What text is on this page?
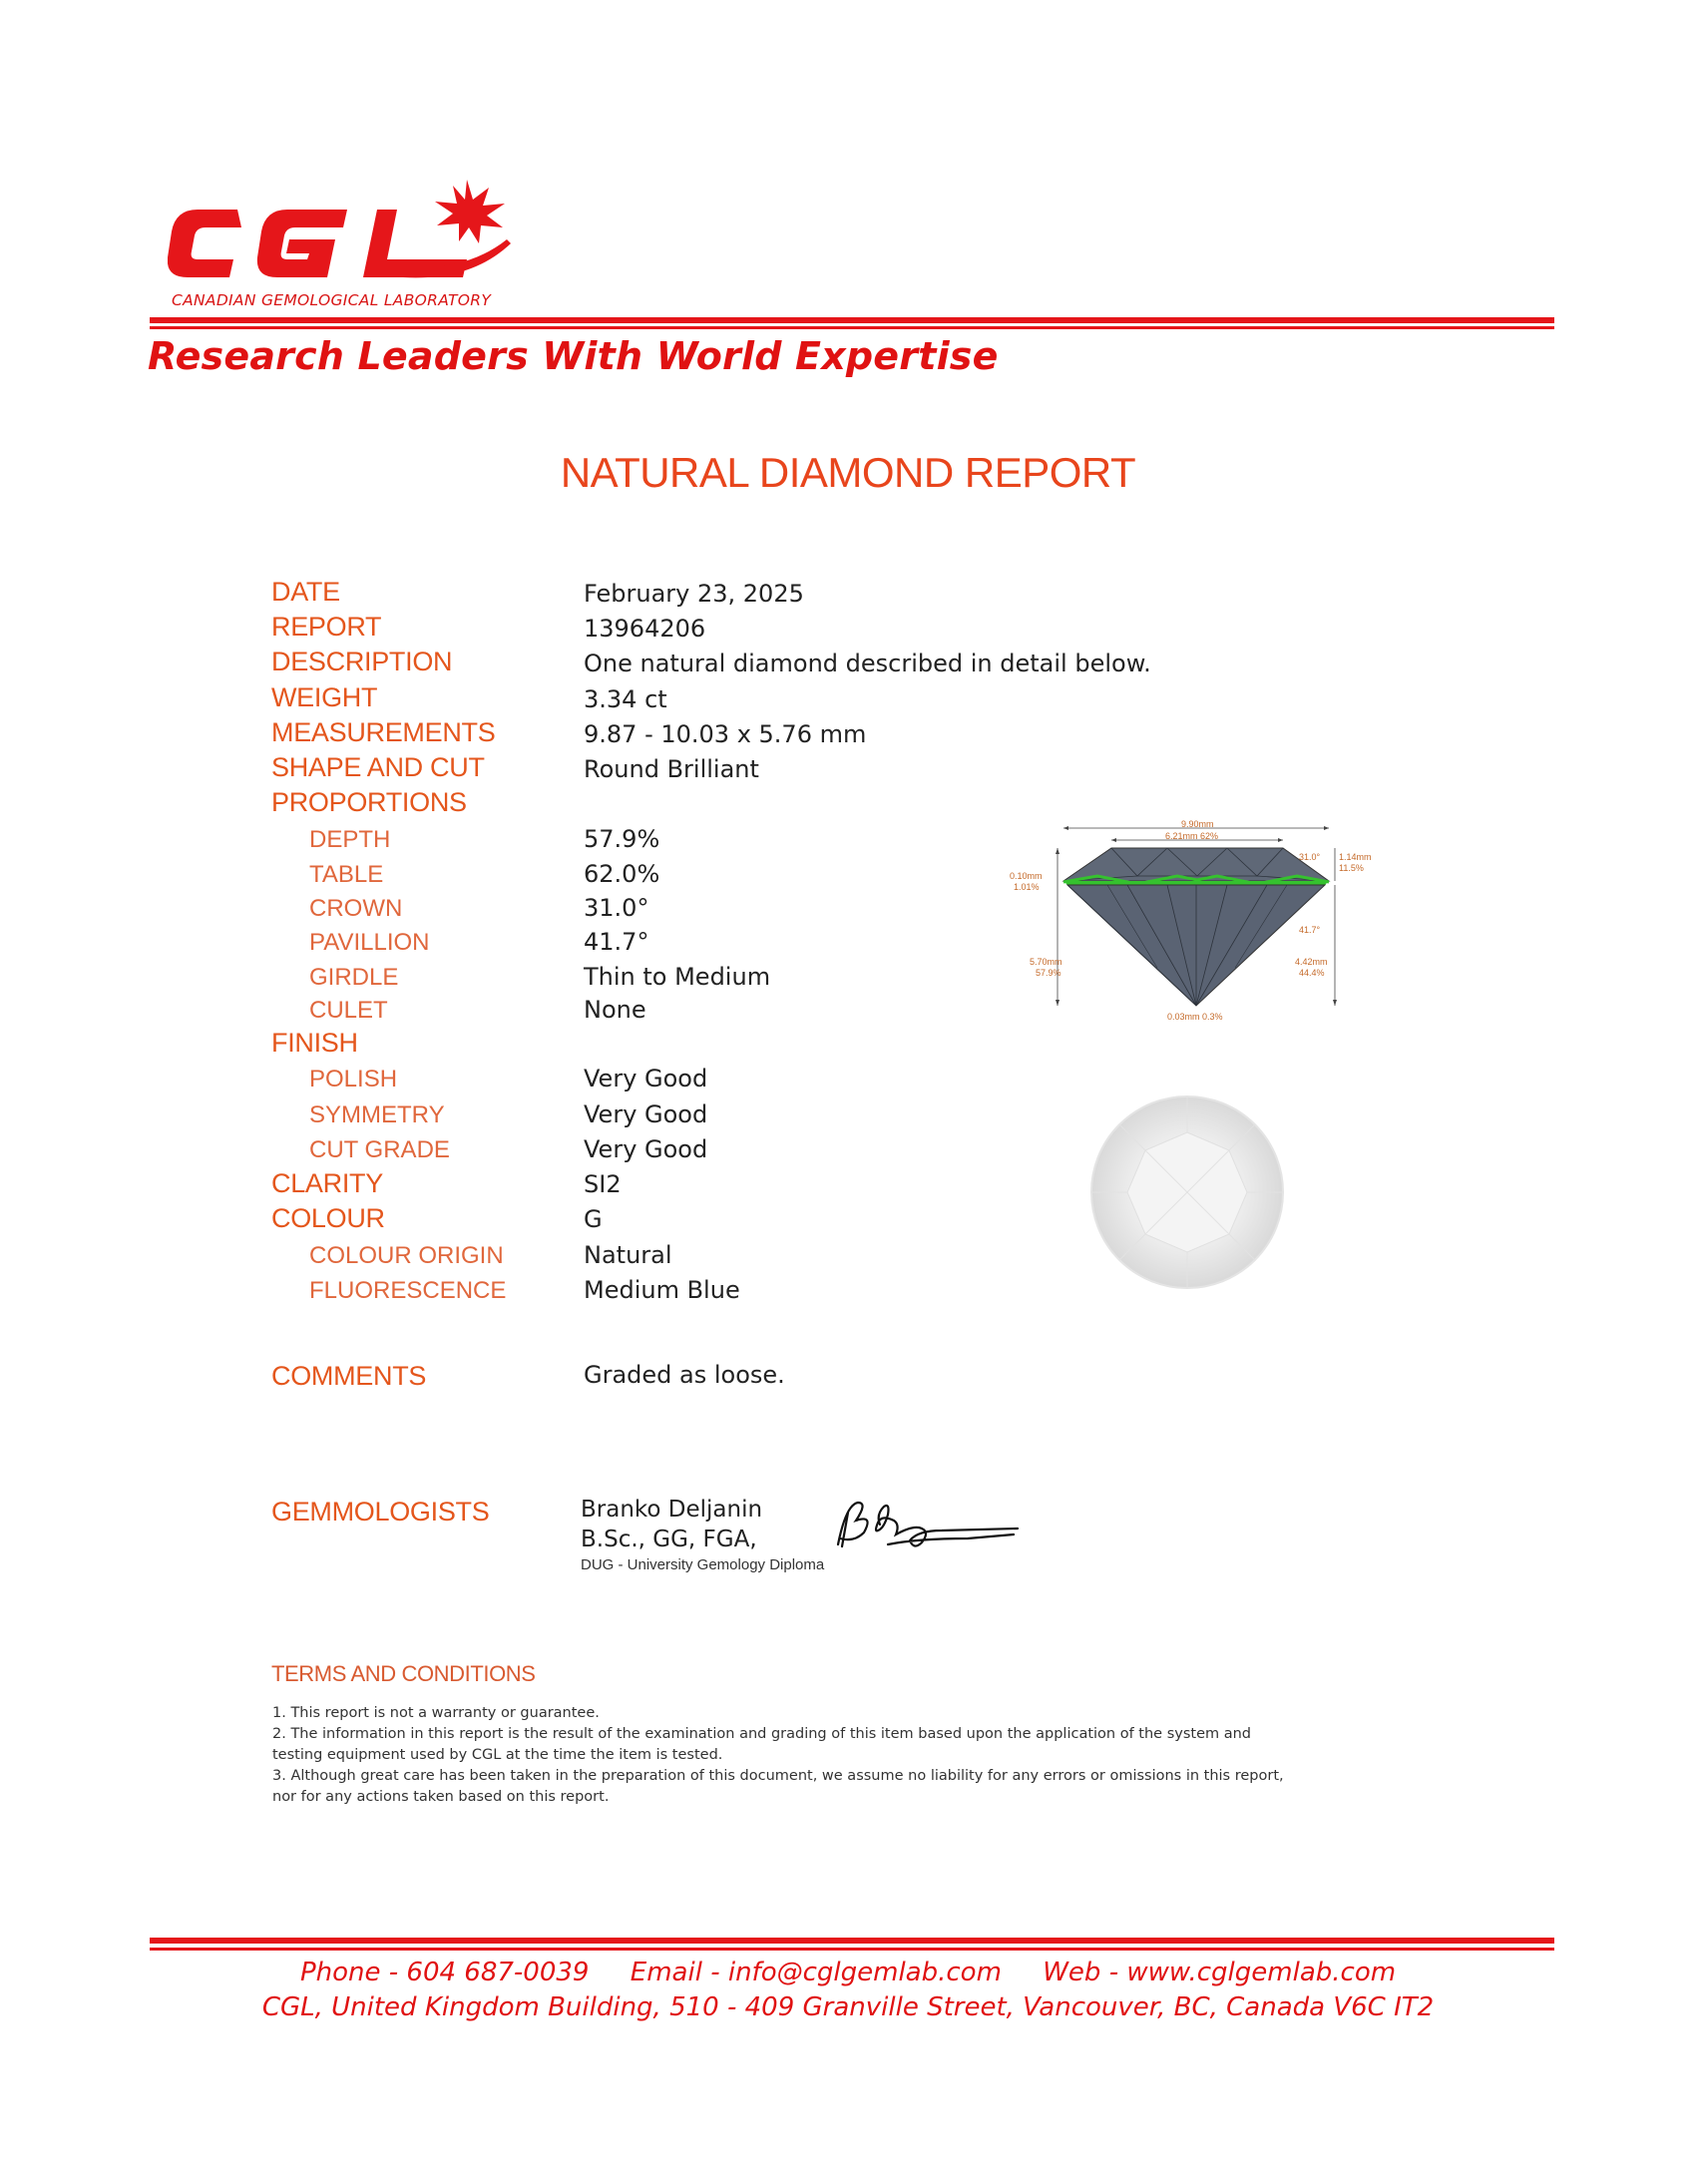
CANADIAN GEMOLOGICAL LABORATORY
Research Leaders With World Expertise
NATURAL DIAMOND REPORT
DATE	February 23, 2025
REPORT	13964206
DESCRIPTION	One natural diamond described in detail below.
WEIGHT	3.34 ct
MEASUREMENTS	9.87 - 10.03 x 5.76 mm
SHAPE AND CUT	Round Brilliant
PROPORTIONS
DEPTH	57.9%
TABLE	62.0%
CROWN	31.0°
PAVILLION	41.7°
GIRDLE	Thin to Medium
CULET	None
FINISH
POLISH	Very Good
SYMMETRY	Very Good
CUT GRADE	Very Good
CLARITY	SI2
COLOUR	G
COLOUR ORIGIN	Natural
FLUORESCENCE	Medium Blue
COMMENTS	Graded as loose.
GEMMOLOGISTS
9.90mm
6.21mm 62%
0.10mm
1.01%
5.70mm
57.9%
31.0° 1.14mm
11.5%
41.7°
4.42mm
44.4%
0.03mm 0.3%
Branko Deljanin
B.Sc., GG, FGA,
DUG - University Gemology Diploma
TERMS AND CONDITIONS
1. This report is not a warranty or guarantee.
2. The information in this report is the result of the examination and grading of this item based upon the application of the system and
testing equipment used by CGL at the time the item is tested.
3. Although great care has been taken in the preparation of this document, we assume no liability for any errors or omissions in this report,
nor for any actions taken based on this report.
Phone - 604 687-0039     Email - info@cglgemlab.com     Web - www.cglgemlab.com
CGL, United Kingdom Building, 510 - 409 Granville Street, Vancouver, BC, Canada V6C IT2
